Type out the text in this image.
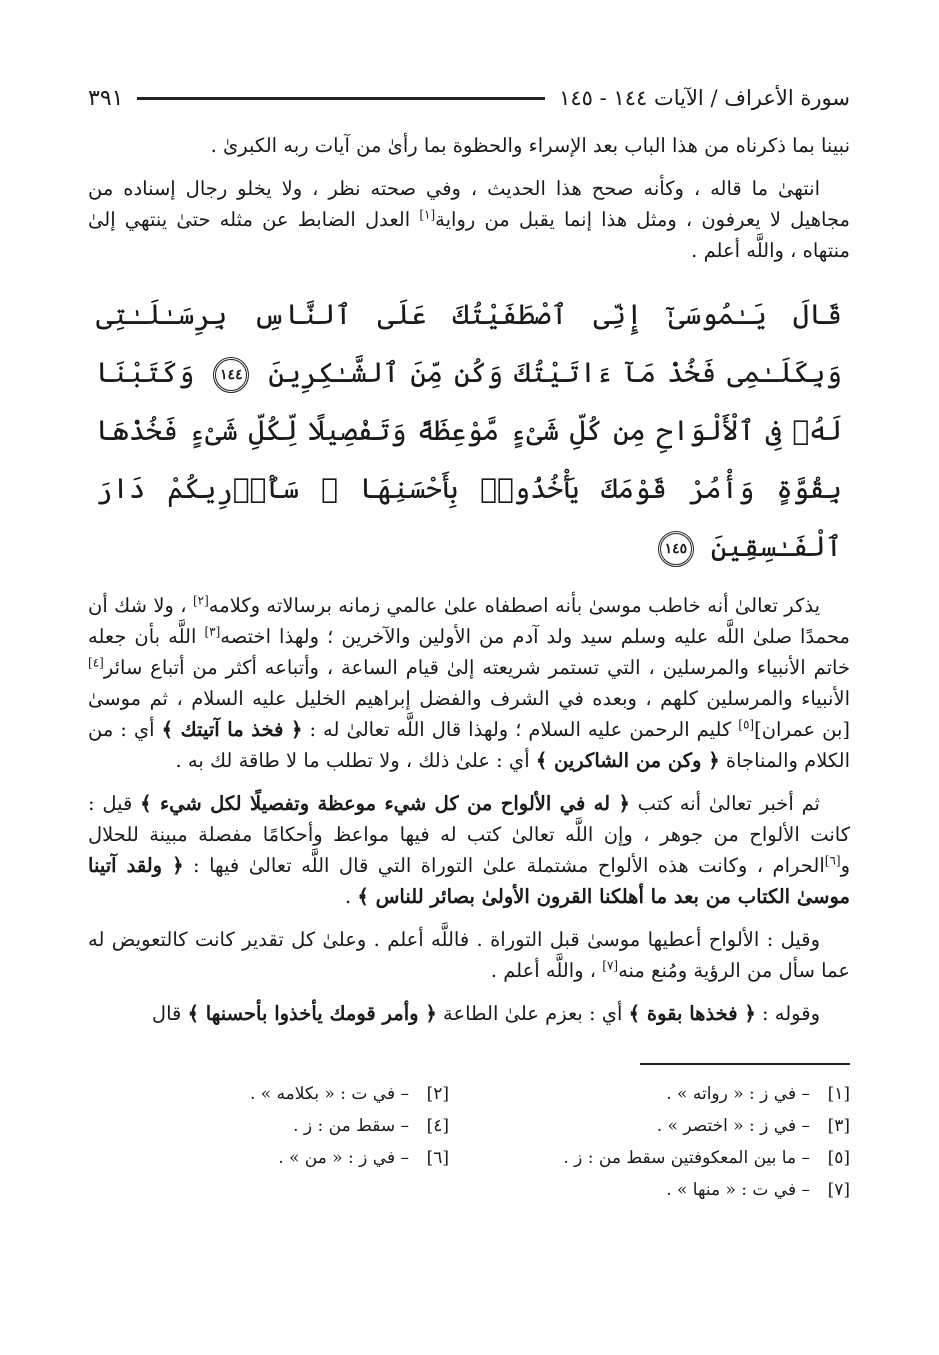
سورة الأعراف / الآيات ١٤٤ - ١٤٥
٣٩١

نبينا بما ذكرناه من هذا الباب بعد الإسراء والحظوة بما رأىٰ من آيات ربه الكبرىٰ .

انتهىٰ ما قاله ، وكأنه صحح هذا الحديث ، وفي صحته نظر ، ولا يخلو رجال إسناده من مجاهيل لا يعرفون ، ومثل هذا إنما يقبل من رواية[١] العدل الضابط عن مثله حتىٰ ينتهي إلىٰ منتهاه ، واللَّه أعلم .

قَالَ يَـٰمُوسَىٰٓ إِنِّى ٱصْطَفَيْتُكَ عَلَى ٱلنَّاسِ بِرِسَـٰلَـٰتِى وَبِكَلَـٰمِى فَخُذْ مَآ ءَاتَيْتُكَ وَكُن مِّنَ ٱلشَّـٰكِرِينَ ١٤٤ وَكَتَبْنَا لَهُۥ فِى ٱلْأَلْوَاحِ مِن كُلِّ شَىْءٍ مَّوْعِظَةً وَتَفْصِيلًا لِّكُلِّ شَىْءٍ فَخُذْهَا بِقُوَّةٍ وَأْمُرْ قَوْمَكَ يَأْخُذُوا۟ بِأَحْسَنِهَا ۚ سَأُو۟رِيكُمْ دَارَ ٱلْفَـٰسِقِينَ ١٤٥

يذكر تعالىٰ أنه خاطب موسىٰ بأنه اصطفاه علىٰ عالمي زمانه برسالاته وكلامه[٢] ، ولا شك أن محمدًا صلىٰ اللَّه عليه وسلم سيد ولد آدم من الأولين والآخرين ؛ ولهذا اختصه[٣] اللَّه بأن جعله خاتم الأنبياء والمرسلين ، التي تستمر شريعته إلىٰ قيام الساعة ، وأتباعه أكثر من أتباع سائر[٤] الأنبياء والمرسلين كلهم ، وبعده في الشرف والفضل إبراهيم الخليل عليه السلام ، ثم موسىٰ [بن عمران][٥] كليم الرحمن عليه السلام ؛ ولهذا قال اللَّه تعالىٰ له : ﴿ فخذ ما آتيتك ﴾ أي : من الكلام والمناجاة ﴿ وكن من الشاكرين ﴾ أي : علىٰ ذلك ، ولا تطلب ما لا طاقة لك به .

ثم أخبر تعالىٰ أنه كتب ﴿ له في الألواح من كل شيء موعظة وتفصيلًا لكل شيء ﴾ قيل : كانت الألواح من جوهر ، وإن اللَّه تعالىٰ كتب له فيها مواعظ وأحكامًا مفصلة مبينة للحلال و[٦]الحرام ، وكانت هذه الألواح مشتملة علىٰ التوراة التي قال اللَّه تعالىٰ فيها : ﴿ ولقد آتينا موسىٰ الكتاب من بعد ما أهلكنا القرون الأولىٰ بصائر للناس ﴾ .

وقيل : الألواح أعطيها موسىٰ قبل التوراة . فاللَّه أعلم . وعلىٰ كل تقدير كانت كالتعويض له عما سأل من الرؤية ومُنع منه[٧] ، واللَّه أعلم .

وقوله : ﴿ فخذها بقوة ﴾ أي : بعزم علىٰ الطاعة ﴿ وأمر قومك يأخذوا بأحسنها ﴾ قال

[١]
– في ز : « رواته » .
[٢]
– في ت : « بكلامه » .
[٣]
– في ز : « اختصر » .
[٤]
– سقط من : ز .
[٥]
– ما بين المعكوفتين سقط من : ز .
[٦]
– في ز : « من » .
[٧]
– في ت : « منها » .
